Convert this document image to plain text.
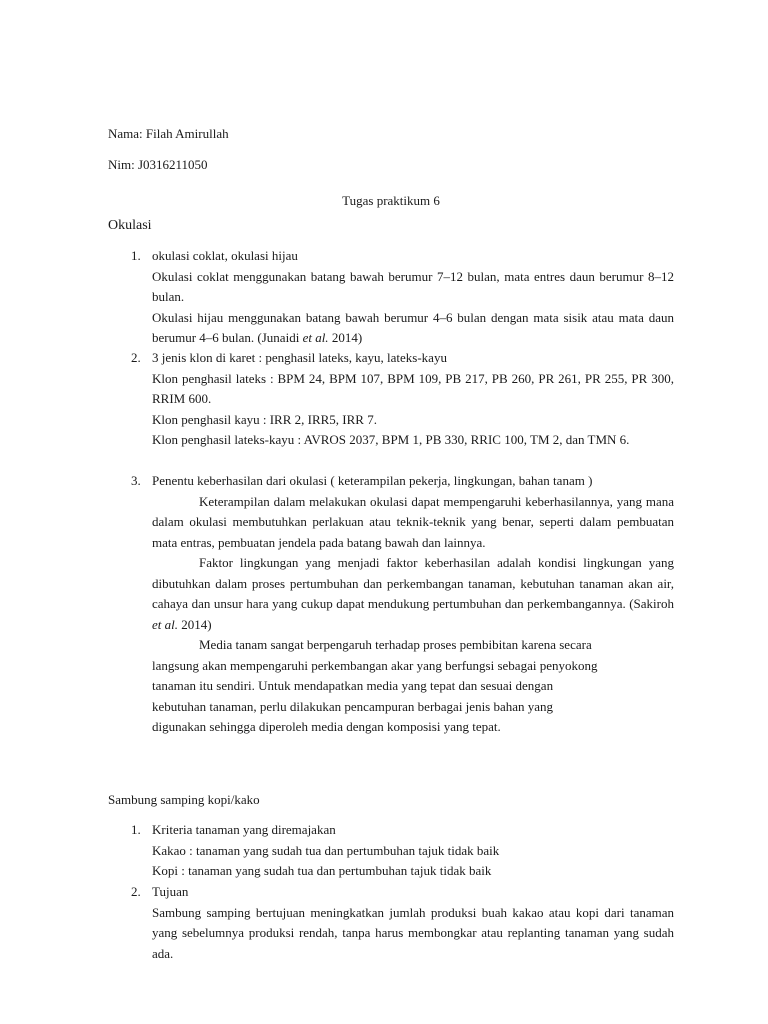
Nama: Filah Amirullah

Nim: J0316211050

Tugas praktikum 6

Okulasi

1. okulasi coklat, okulasi hijau

Okulasi coklat menggunakan batang bawah berumur 7–12 bulan, mata entres daun berumur 8–12 bulan.

Okulasi hijau menggunakan batang bawah berumur 4–6 bulan dengan mata sisik atau mata daun berumur 4–6 bulan. (Junaidi et al. 2014)

2. 3 jenis klon di karet : penghasil lateks, kayu, lateks-kayu

Klon penghasil lateks : BPM 24, BPM 107, BPM 109, PB 217, PB 260, PR 261, PR 255, PR 300, RRIM 600.

Klon penghasil kayu : IRR 2, IRR5, IRR 7.

Klon penghasil lateks-kayu : AVROS 2037, BPM 1, PB 330, RRIC 100, TM 2, dan TMN 6.

3. Penentu keberhasilan dari okulasi ( keterampilan pekerja, lingkungan, bahan tanam )

Keterampilan dalam melakukan okulasi dapat mempengaruhi keberhasilannya, yang mana dalam okulasi membutuhkan perlakuan atau teknik-teknik yang benar, seperti dalam pembuatan mata entras, pembuatan jendela pada batang bawah dan lainnya.

Faktor lingkungan yang menjadi faktor keberhasilan adalah kondisi lingkungan yang dibutuhkan dalam proses pertumbuhan dan perkembangan tanaman, kebutuhan tanaman akan air, cahaya dan unsur hara yang cukup dapat mendukung pertumbuhan dan perkembangannya. (Sakiroh et al. 2014)

Media tanam sangat berpengaruh terhadap proses pembibitan karena secara
langsung akan mempengaruhi perkembangan akar yang berfungsi sebagai penyokong
tanaman itu sendiri. Untuk mendapatkan media yang tepat dan sesuai dengan
kebutuhan tanaman, perlu dilakukan pencampuran berbagai jenis bahan yang
digunakan sehingga diperoleh media dengan komposisi yang tepat.

Sambung samping kopi/kako

1. Kriteria tanaman yang diremajakan

Kakao : tanaman yang sudah tua dan pertumbuhan tajuk tidak baik

Kopi : tanaman yang sudah tua dan pertumbuhan tajuk tidak baik

2. Tujuan

Sambung samping bertujuan meningkatkan jumlah produksi buah kakao atau kopi dari tanaman yang sebelumnya produksi rendah, tanpa harus membongkar atau replanting tanaman yang sudah ada.
